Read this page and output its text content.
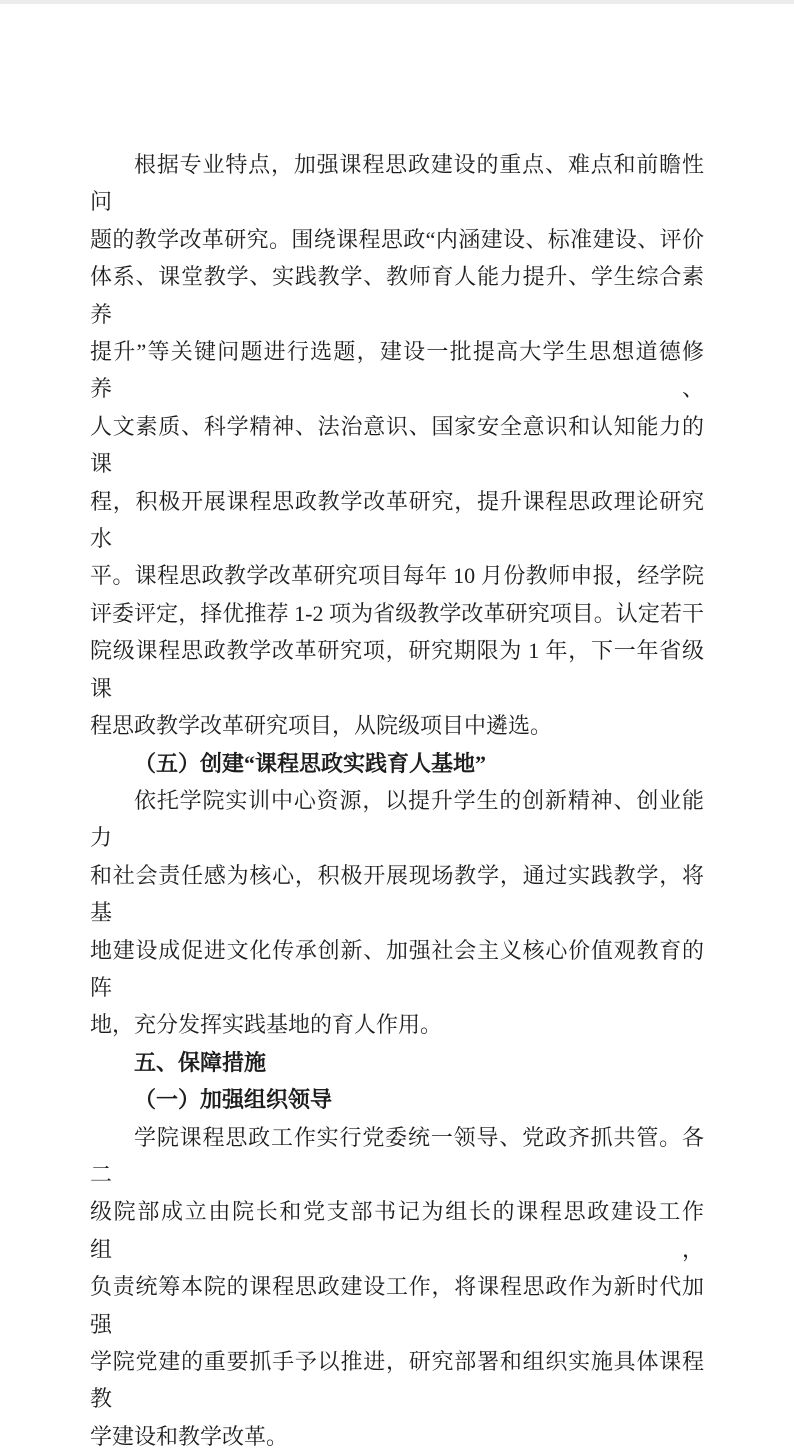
根据专业特点，加强课程思政建设的重点、难点和前瞻性问
题的教学改革研究。围绕课程思政“内涵建设、标准建设、评价
体系、课堂教学、实践教学、教师育人能力提升、学生综合素养
提升”等关键问题进行选题，建设一批提高大学生思想道德修养、
人文素质、科学精神、法治意识、国家安全意识和认知能力的课
程，积极开展课程思政教学改革研究，提升课程思政理论研究水
平。课程思政教学改革研究项目每年 10 月份教师申报，经学院
评委评定，择优推荐 1-2 项为省级教学改革研究项目。认定若干
院级课程思政教学改革研究项，研究期限为 1 年，下一年省级课
程思政教学改革研究项目，从院级项目中遴选。
（五）创建“课程思政实践育人基地”
依托学院实训中心资源，以提升学生的创新精神、创业能力
和社会责任感为核心，积极开展现场教学，通过实践教学，将基
地建设成促进文化传承创新、加强社会主义核心价值观教育的阵
地，充分发挥实践基地的育人作用。
五、保障措施
（一）加强组织领导
学院课程思政工作实行党委统一领导、党政齐抓共管。各二
级院部成立由院长和党支部书记为组长的课程思政建设工作组，
负责统筹本院的课程思政建设工作，将课程思政作为新时代加强
学院党建的重要抓手予以推进，研究部署和组织实施具体课程教
学建设和教学改革。
